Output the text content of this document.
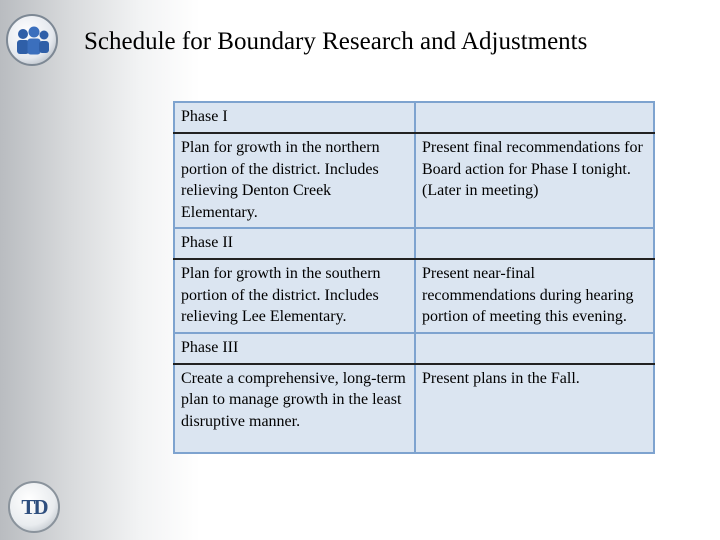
Schedule for Boundary Research and Adjustments
Phase I	
Plan for growth in the northern portion of the district. Includes relieving Denton Creek Elementary.	Present final recommendations for Board action for Phase I tonight. (Later in meeting)
Phase II	
Plan for growth in the southern portion of the district. Includes relieving Lee Elementary.	Present near-final recommendations during hearing portion of meeting this evening.
Phase III	
Create a comprehensive, long-term plan to manage growth in the least disruptive manner.	Present plans in the Fall.
TD
